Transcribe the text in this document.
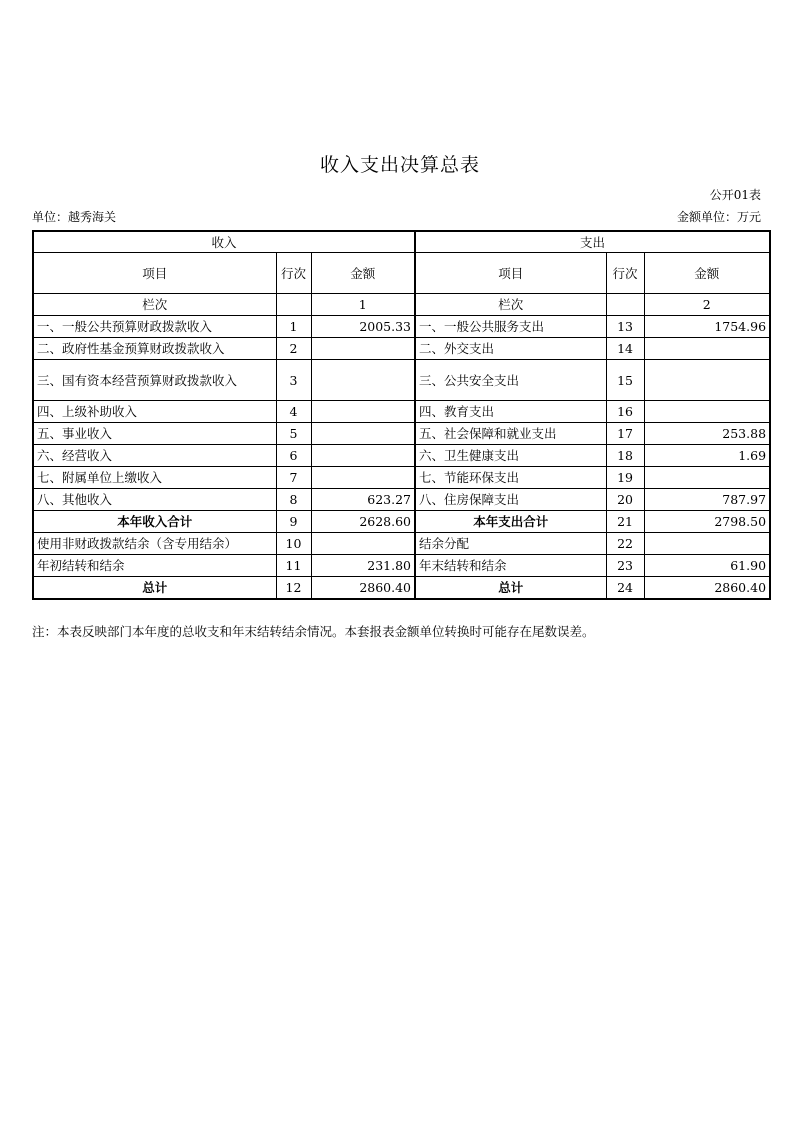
收入支出决算总表
公开01表
单位：越秀海关	金额单位：万元
收入			支出		
项目	行次	金额	项目	行次	金额
栏次		1	栏次		2
一、一般公共预算财政拨款收入	1	2005.33	一、一般公共服务支出	13	1754.96
二、政府性基金预算财政拨款收入	2		二、外交支出	14	
三、国有资本经营预算财政拨款收入	3		三、公共安全支出	15	
四、上级补助收入	4		四、教育支出	16	
五、事业收入	5		五、社会保障和就业支出	17	253.88
六、经营收入	6		六、卫生健康支出	18	1.69
七、附属单位上缴收入	7		七、节能环保支出	19	
八、其他收入	8	623.27	八、住房保障支出	20	787.97
本年收入合计	9	2628.60	本年支出合计	21	2798.50
使用非财政拨款结余（含专用结余）	10		结余分配	22	
年初结转和结余	11	231.80	年末结转和结余	23	61.90
总计	12	2860.40	总计	24	2860.40
注：本表反映部门本年度的总收支和年末结转结余情况。本套报表金额单位转换时可能存在尾数误差。
